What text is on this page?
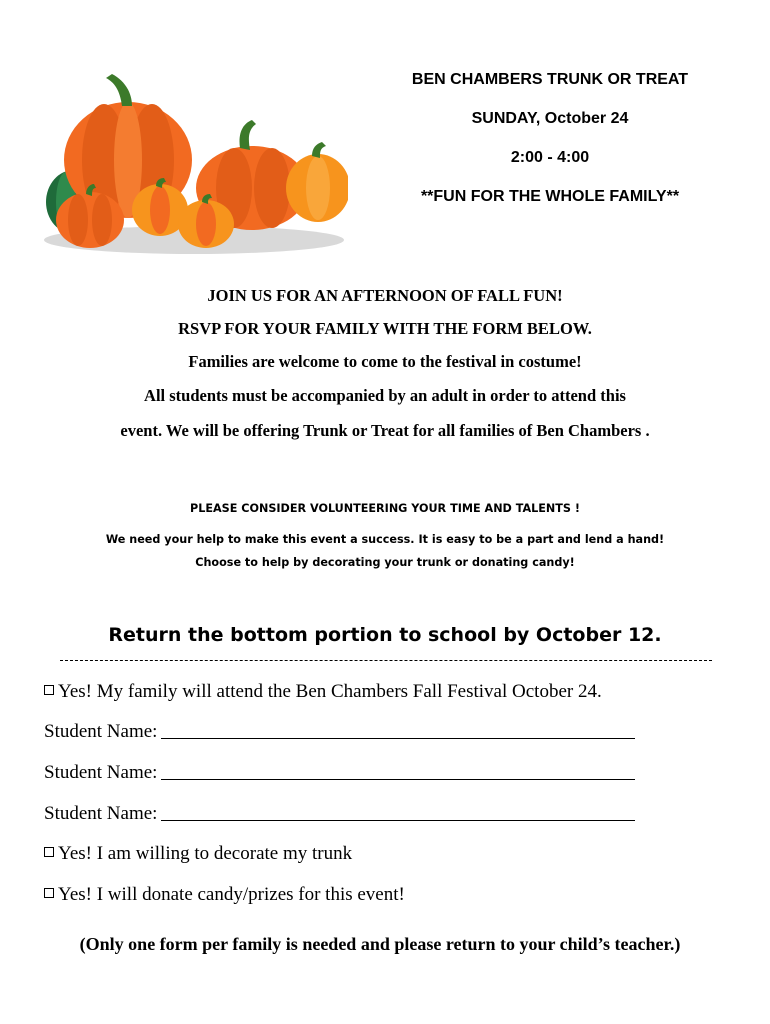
BEN CHAMBERS TRUNK OR TREAT
SUNDAY, October 24
2:00 - 4:00
**FUN FOR THE WHOLE FAMILY**
JOIN US FOR AN AFTERNOON OF FALL FUN!
RSVP FOR YOUR FAMILY WITH THE FORM BELOW.
Families are welcome to come to the festival in costume!
All students must be accompanied by an adult in order to attend this
event. We will be offering Trunk or Treat for all families of Ben Chambers .
PLEASE CONSIDER VOLUNTEERING YOUR TIME AND TALENTS !
We need your help to make this event a success. It is easy to be a part and lend a hand!
Choose to help by decorating your trunk or donating candy!
Return the bottom portion to school by October 12.
Yes! My family will attend the Ben Chambers Fall Festival October 24.
Student Name:
Student Name:
Student Name:
Yes! I am willing to decorate my trunk
Yes! I will donate candy/prizes for this event!
(Only one form per family is needed and please return to your child’s teacher.)
